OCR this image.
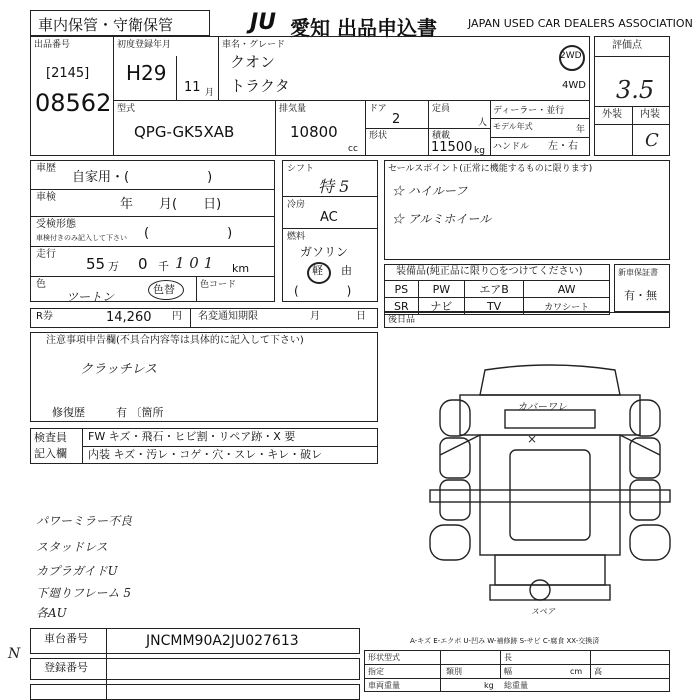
車内保管・守衛保管	JU 愛知 出品申込書	JAPAN USED CAR DEALERS ASSOCIATION
出品番号
[2145]
08562
初度登録年月
H29
11 月
車名・グレード
クオン
トラクタ
2WD
4WD
型式
QPG-GK5XAB
排気量
10800
cc
ドア
2
定員
人
形状	積載
11500 kg
ディーラー・並行
モデル年式	年
ハンドル 左・右
評価点
3.5
外装 内装
C
車歴
自家用・(　　　　　　)
車検	年　　月(　　日)
受検形態
車検付きのみ記入して下さい (　　　　　　)
走行
55 万 0 千 1 0 1 km
色
ツートン
色替	色コード
シフト
特 5
冷房
AC
燃料
ガソリン
軽 由
(　　　　)
セールスポイント(正常に機能するものに限ります)
☆ ハイルーフ
☆ アルミホイール
装備品(純正品に限り○をつけてください)
PS	PW	エアB	AW
SR	ナビ	TV	カワシート
新車保証書
有・無
R券	14,260 円 名変通知期限	月	日 後日品
注意事項申告欄(不具合内容等は具体的に記入して下さい)
クラッチレス
修復歴	有 〔箇所
検査員
記入欄
FW キズ・飛石・ヒビ割・リペア跡・X 要
内装 キズ・汚レ・コゲ・穴・スレ・キレ・破レ
パワーミラー不良
スタッドレス
カプラガイドU
下廻りフレーム 5
各AU
カバーワレ
×
スペア
A-キズ E-エクボ U-凹み W-補修跡 S-サビ C-腐食 XX-交換済
N
車台番号	JNCMM90A2JU027613
登録番号
形状型式
指定	類別
長
幅	高
車両重量	総重量
cm
kg
